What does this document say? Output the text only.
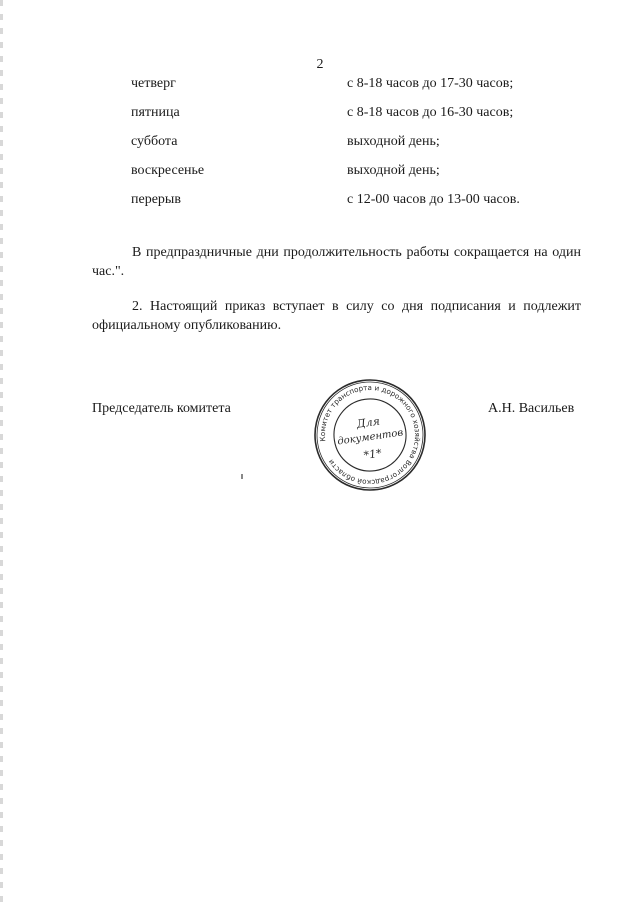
2
четверг	с 8-18 часов до 17-30 часов;
пятница	с 8-18 часов до 16-30 часов;
суббота	выходной день;
воскресенье	выходной день;
перерыв	с 12-00 часов до 13-00 часов.

В предпраздничные дни продолжительность работы сокращается на один час.".

2. Настоящий приказ вступает в силу со дня подписания и подлежит официальному опубликованию.

Председатель комитета	А.Н. Васильев
Комитет транспорта и дорожного хозяйства Волгоградской области
Для
документов
*1*
